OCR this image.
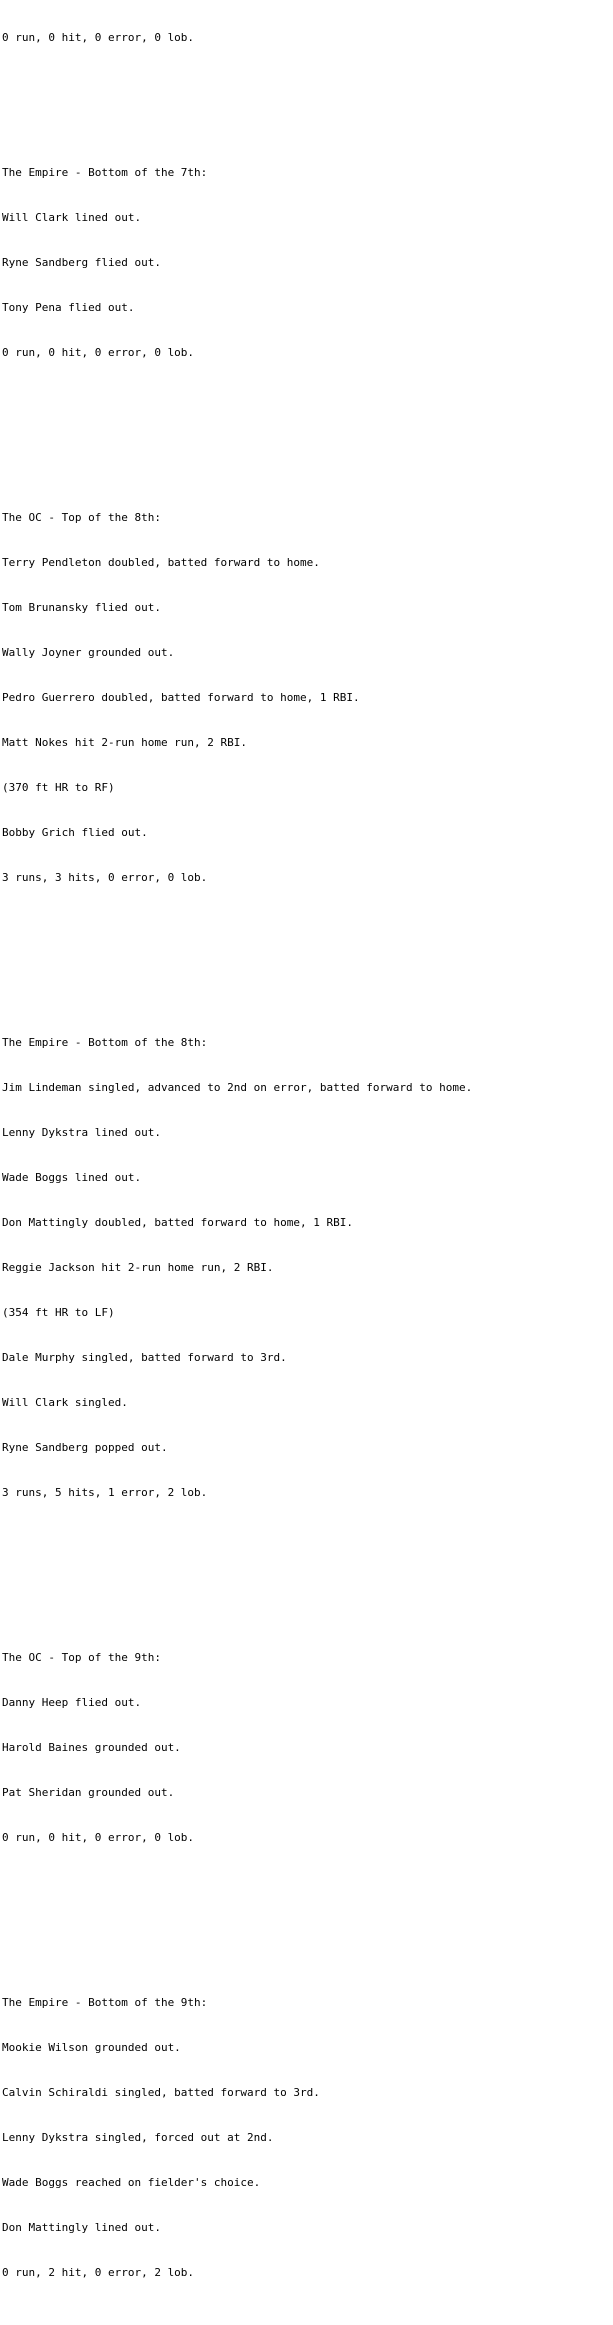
0 run, 0 hit, 0 error, 0 lob.

The Empire - Bottom of the 7th:

Will Clark lined out.

Ryne Sandberg flied out.

Tony Pena flied out.

0 run, 0 hit, 0 error, 0 lob.

The OC - Top of the 8th:

Terry Pendleton doubled, batted forward to home.

Tom Brunansky flied out.

Wally Joyner grounded out.

Pedro Guerrero doubled, batted forward to home, 1 RBI.

Matt Nokes hit 2-run home run, 2 RBI.

(370 ft HR to RF)

Bobby Grich flied out.

3 runs, 3 hits, 0 error, 0 lob.

The Empire - Bottom of the 8th:

Jim Lindeman singled, advanced to 2nd on error, batted forward to home.

Lenny Dykstra lined out.

Wade Boggs lined out.

Don Mattingly doubled, batted forward to home, 1 RBI.

Reggie Jackson hit 2-run home run, 2 RBI.

(354 ft HR to LF)

Dale Murphy singled, batted forward to 3rd.

Will Clark singled.

Ryne Sandberg popped out.

3 runs, 5 hits, 1 error, 2 lob.

The OC - Top of the 9th:

Danny Heep flied out.

Harold Baines grounded out.

Pat Sheridan grounded out.

0 run, 0 hit, 0 error, 0 lob.

The Empire - Bottom of the 9th:

Mookie Wilson grounded out.

Calvin Schiraldi singled, batted forward to 3rd.

Lenny Dykstra singled, forced out at 2nd.

Wade Boggs reached on fielder's choice.

Don Mattingly lined out.

0 run, 2 hit, 0 error, 2 lob.
